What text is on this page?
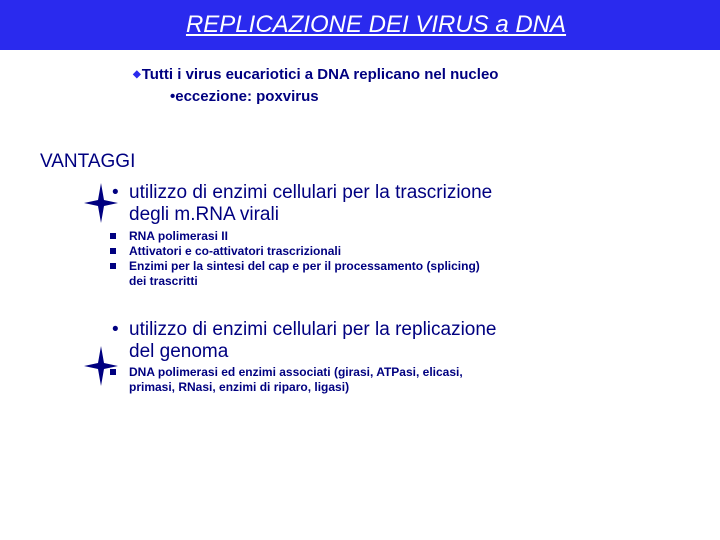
REPLICAZIONE DEI VIRUS a DNA
◆Tutti i virus eucariotici a DNA replicano nel nucleo
•eccezione: poxvirus
VANTAGGI
• utilizzo di enzimi cellulari per la trascrizione
degli m.RNA virali
RNA polimerasi II
Attivatori e co-attivatori trascrizionali
Enzimi per la sintesi del cap e per il processamento (splicing)
dei trascritti
• utilizzo di enzimi cellulari per la replicazione
del genoma
DNA polimerasi ed enzimi associati (girasi, ATPasi, elicasi,
primasi, RNasi, enzimi di riparo, ligasi)
